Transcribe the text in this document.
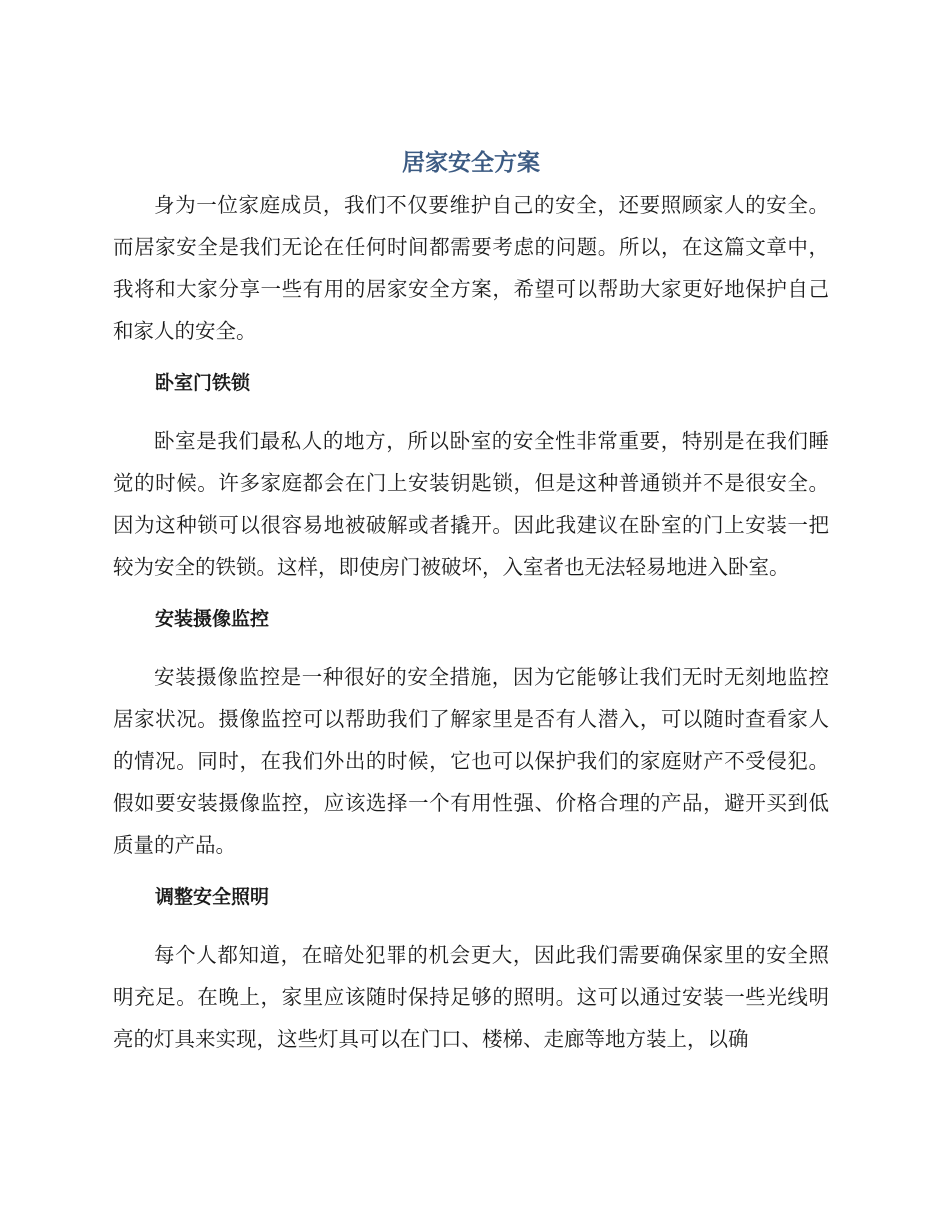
居家安全方案

身为一位家庭成员，我们不仅要维护自己的安全，还要照顾家人的安全。而居家安全是我们无论在任何时间都需要考虑的问题。所以，在这篇文章中，我将和大家分享一些有用的居家安全方案，希望可以帮助大家更好地保护自己和家人的安全。

卧室门铁锁

卧室是我们最私人的地方，所以卧室的安全性非常重要，特别是在我们睡觉的时候。许多家庭都会在门上安装钥匙锁，但是这种普通锁并不是很安全。因为这种锁可以很容易地被破解或者撬开。因此我建议在卧室的门上安装一把较为安全的铁锁。这样，即使房门被破坏，入室者也无法轻易地进入卧室。

安装摄像监控

安装摄像监控是一种很好的安全措施，因为它能够让我们无时无刻地监控居家状况。摄像监控可以帮助我们了解家里是否有人潜入，可以随时查看家人的情况。同时，在我们外出的时候，它也可以保护我们的家庭财产不受侵犯。假如要安装摄像监控，应该选择一个有用性强、价格合理的产品，避开买到低质量的产品。

调整安全照明

每个人都知道，在暗处犯罪的机会更大，因此我们需要确保家里的安全照明充足。在晚上，家里应该随时保持足够的照明。这可以通过安装一些光线明亮的灯具来实现，这些灯具可以在门口、楼梯、走廊等地方装上，以确
